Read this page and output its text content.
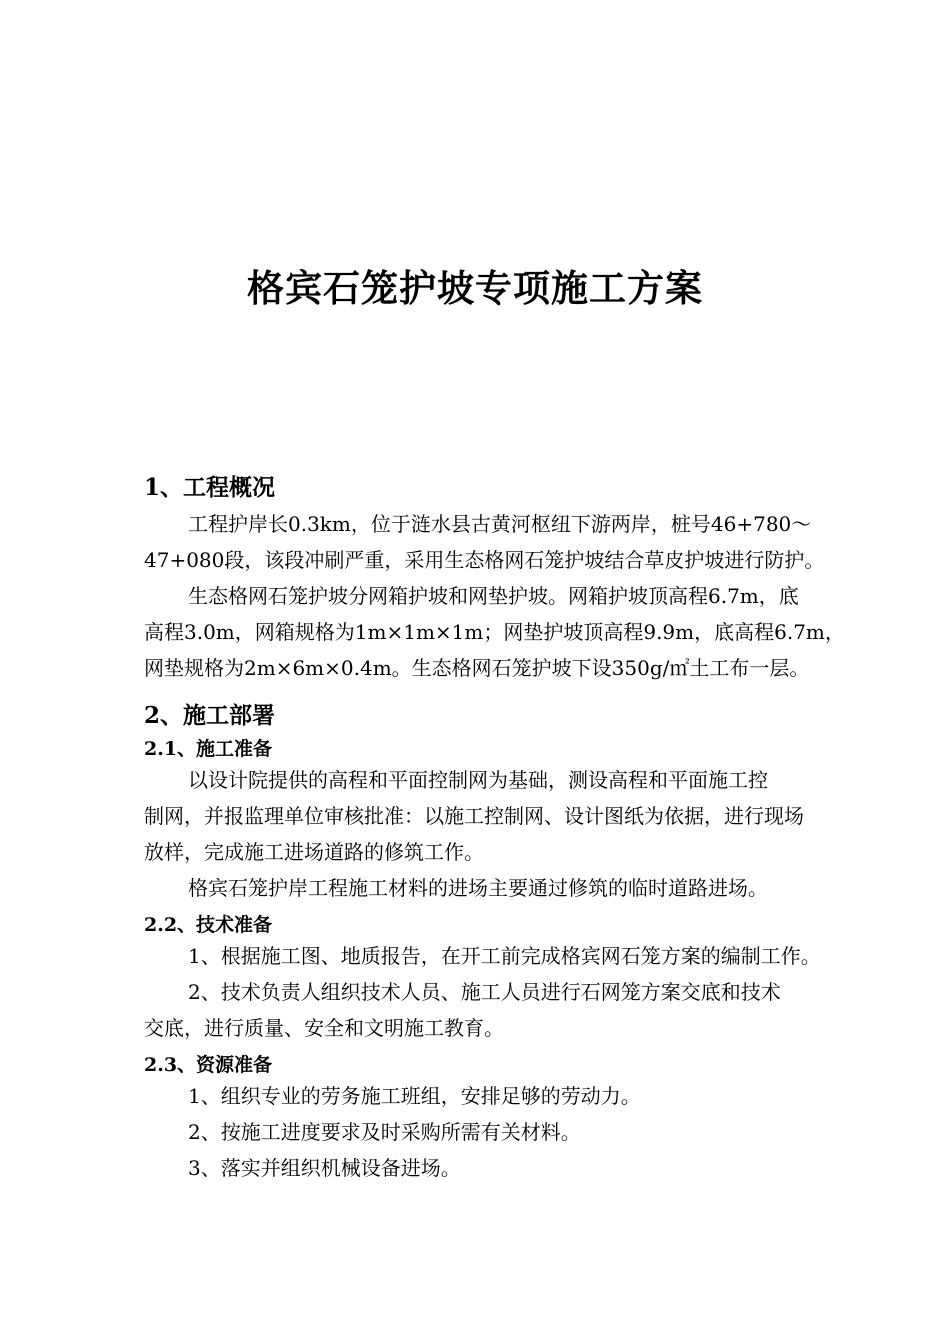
格宾石笼护坡专项施工方案
1、工程概况
工程护岸长0.3km，位于涟水县古黄河枢纽下游两岸，桩号46+780～
47+080段，该段冲刷严重，采用生态格网石笼护坡结合草皮护坡进行防护。
生态格网石笼护坡分网箱护坡和网垫护坡。网箱护坡顶高程6.7m，底
高程3.0m，网箱规格为1m×1m×1m；网垫护坡顶高程9.9m，底高程6.7m，
网垫规格为2m×6m×0.4m。生态格网石笼护坡下设350g/㎡土工布一层。
2、施工部署
2.1、施工准备
以设计院提供的高程和平面控制网为基础，测设高程和平面施工控
制网，并报监理单位审核批准：以施工控制网、设计图纸为依据，进行现场
放样，完成施工进场道路的修筑工作。
格宾石笼护岸工程施工材料的进场主要通过修筑的临时道路进场。
2.2、技术准备
1、根据施工图、地质报告，在开工前完成格宾网石笼方案的编制工作。
2、技术负责人组织技术人员、施工人员进行石网笼方案交底和技术
交底，进行质量、安全和文明施工教育。
2.3、资源准备
1、组织专业的劳务施工班组，安排足够的劳动力。
2、按施工进度要求及时采购所需有关材料。
3、落实并组织机械设备进场。
